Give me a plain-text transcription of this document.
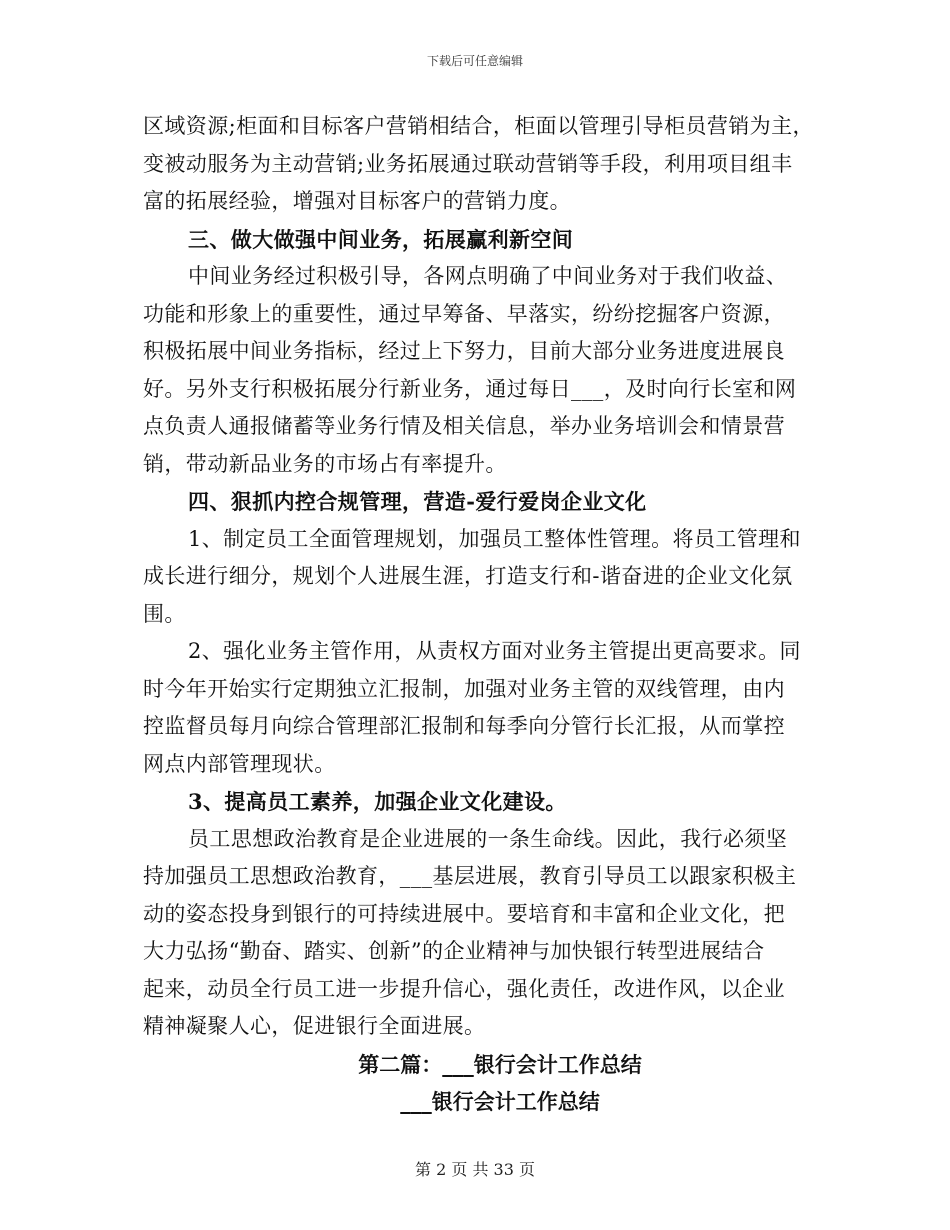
下载后可任意编辑
区域资源;柜面和目标客户营销相结合，柜面以管理引导柜员营销为主，
变被动服务为主动营销;业务拓展通过联动营销等手段，利用项目组丰
富的拓展经验，增强对目标客户的营销力度。
三、做大做强中间业务，拓展赢利新空间
中间业务经过积极引导，各网点明确了中间业务对于我们收益、
功能和形象上的重要性，通过早筹备、早落实，纷纷挖掘客户资源，
积极拓展中间业务指标，经过上下努力，目前大部分业务进度进展良
好。另外支行积极拓展分行新业务，通过每日___，及时向行长室和网
点负责人通报储蓄等业务行情及相关信息，举办业务培训会和情景营
销，带动新品业务的市场占有率提升。
四、狠抓内控合规管理，营造-爱行爱岗企业文化
1、制定员工全面管理规划，加强员工整体性管理。将员工管理和
成长进行细分，规划个人进展生涯，打造支行和-谐奋进的企业文化氛
围。
2、强化业务主管作用，从责权方面对业务主管提出更高要求。同
时今年开始实行定期独立汇报制，加强对业务主管的双线管理，由内
控监督员每月向综合管理部汇报制和每季向分管行长汇报，从而掌控
网点内部管理现状。
3、提高员工素养，加强企业文化建设。
员工思想政治教育是企业进展的一条生命线。因此，我行必须坚
持加强员工思想政治教育，___基层进展，教育引导员工以跟家积极主
动的姿态投身到银行的可持续进展中。要培育和丰富和企业文化，把
大力弘扬“勤奋、踏实、创新”的企业精神与加快银行转型进展结合
起来，动员全行员工进一步提升信心，强化责任，改进作风，以企业
精神凝聚人心，促进银行全面进展。
第二篇：___银行会计工作总结
___银行会计工作总结
第 2 页 共 33 页
